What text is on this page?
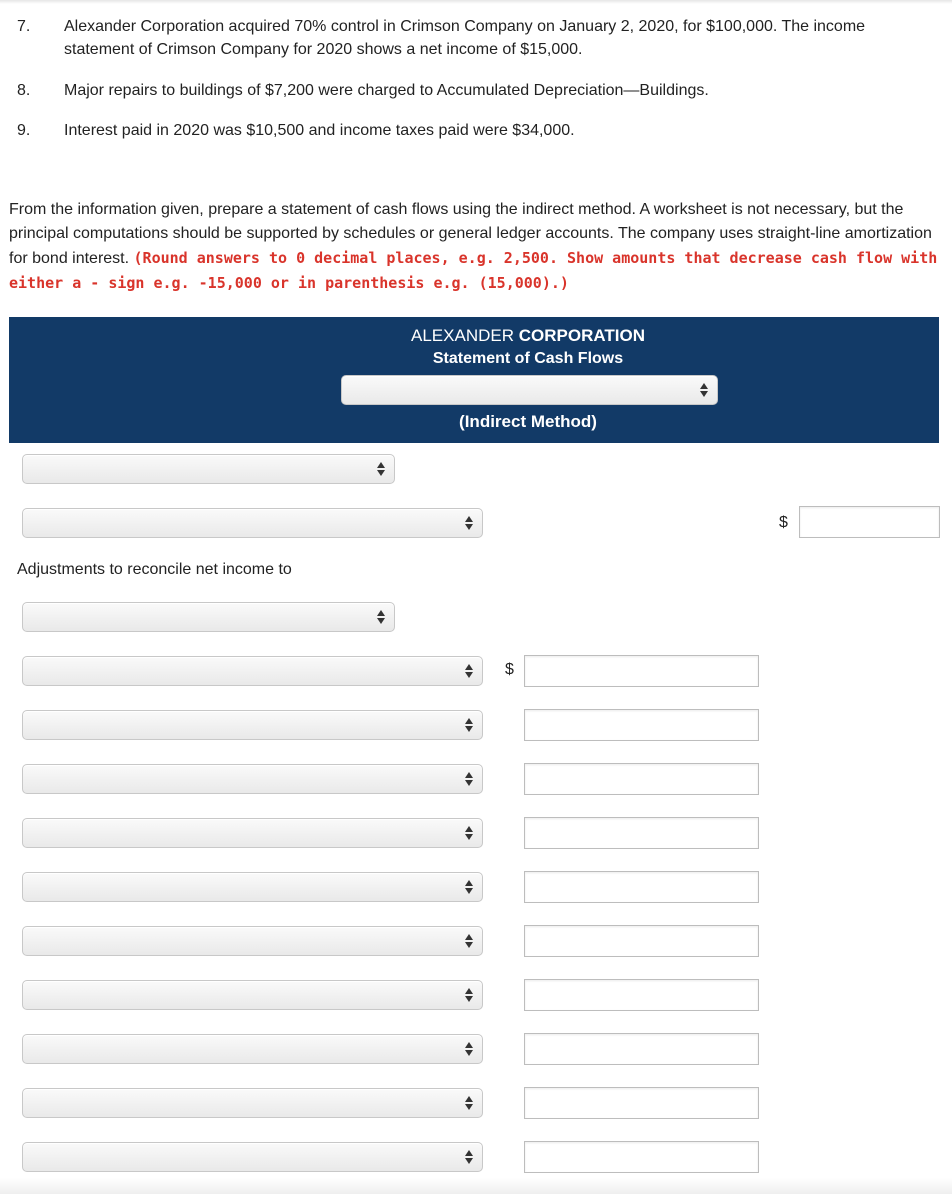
7. Alexander Corporation acquired 70% control in Crimson Company on January 2, 2020, for $100,000. The income statement of Crimson Company for 2020 shows a net income of $15,000.
8. Major repairs to buildings of $7,200 were charged to Accumulated Depreciation—Buildings.
9. Interest paid in 2020 was $10,500 and income taxes paid were $34,000.
From the information given, prepare a statement of cash flows using the indirect method. A worksheet is not necessary, but the principal computations should be supported by schedules or general ledger accounts. The company uses straight-line amortization for bond interest. (Round answers to 0 decimal places, e.g. 2,500. Show amounts that decrease cash flow with either a - sign e.g. -15,000 or in parenthesis e.g. (15,000).)
ALEXANDER CORPORATION
Statement of Cash Flows
(Indirect Method)
$
Adjustments to reconcile net income to
$
